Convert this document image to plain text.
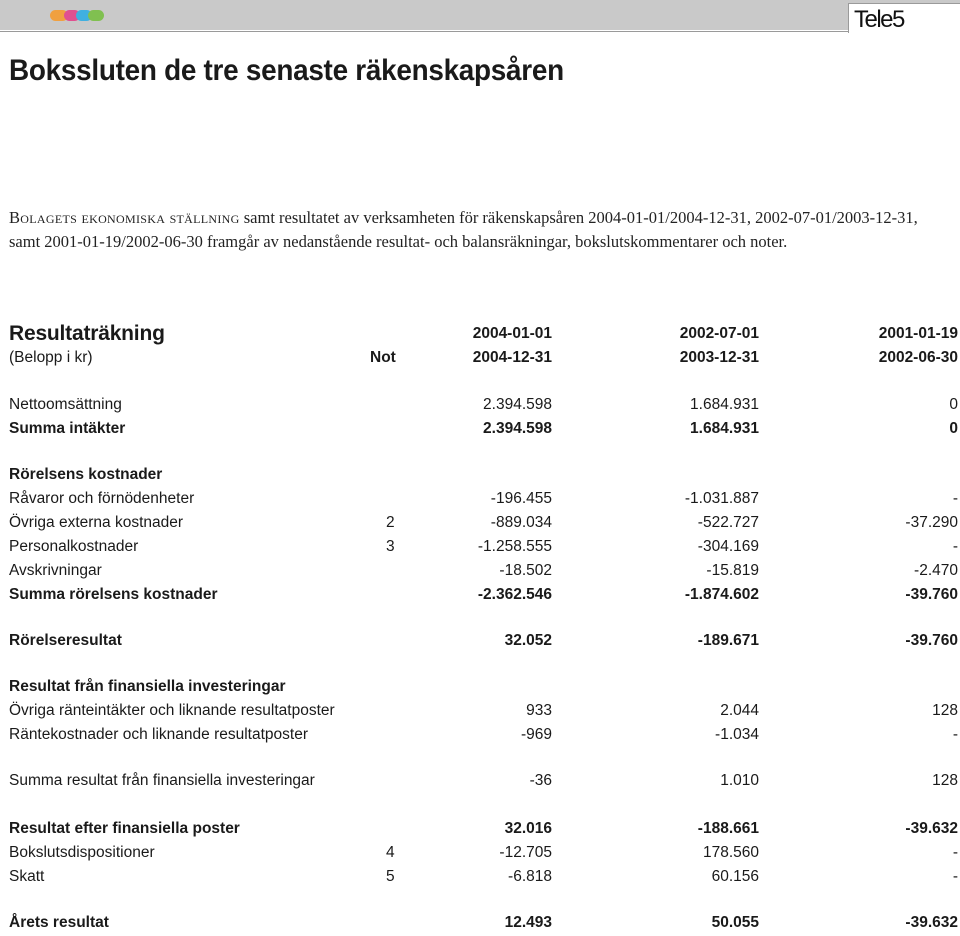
Tele5
Bokssluten de tre senaste räkenskapsåren
Bolagets ekonomiska ställning samt resultatet av verksamheten för räkenskapsåren 2004-01-01/2004-12-31, 2002-07-01/2003-12-31, samt 2001-01-19/2002-06-30 framgår av nedanstående resultat- och balansräkningar, bokslutskommentarer och noter.
Resultaträkning	2004-01-01	2002-07-01	2001-01-19
(Belopp i kr)	Not	2004-12-31	2003-12-31	2002-06-30
Nettoomsättning	2.394.598	1.684.931	0
Summa intäkter	2.394.598	1.684.931	0
Rörelsens kostnader
Råvaror och förnödenheter	-196.455	-1.031.887	-
Övriga externa kostnader	2	-889.034	-522.727	-37.290
Personalkostnader	3	-1.258.555	-304.169	-
Avskrivningar	-18.502	-15.819	-2.470
Summa rörelsens kostnader	-2.362.546	-1.874.602	-39.760
Rörelseresultat	32.052	-189.671	-39.760
Resultat från finansiella investeringar
Övriga ränteintäkter och liknande resultatposter	933	2.044	128
Räntekostnader och liknande resultatposter	-969	-1.034	-
Summa resultat från finansiella investeringar	-36	1.010	128
Resultat efter finansiella poster	32.016	-188.661	-39.632
Bokslutsdispositioner	4	-12.705	178.560	-
Skatt	5	-6.818	60.156	-
Årets resultat	12.493	50.055	-39.632
